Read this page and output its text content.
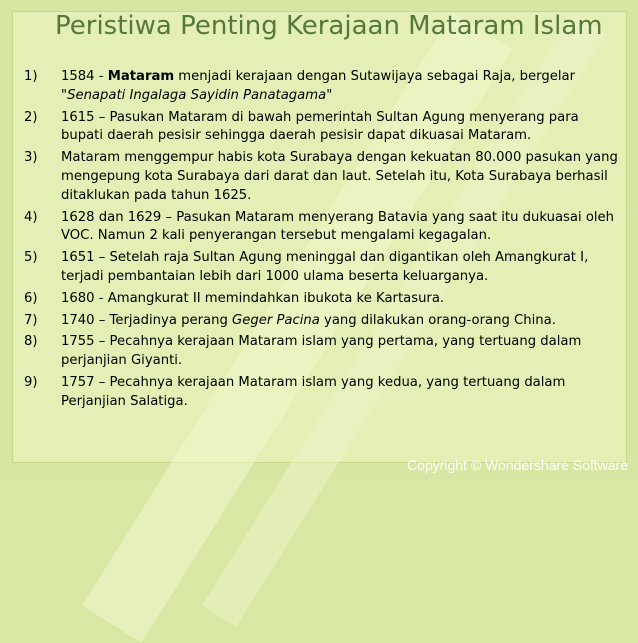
Peristiwa Penting Kerajaan Mataram Islam
1)	1584 - Mataram menjadi kerajaan dengan Sutawijaya sebagai Raja, bergelar "Senapati Ingalaga Sayidin Panatagama"
2)	1615 – Pasukan Mataram di bawah pemerintah Sultan Agung menyerang para bupati daerah pesisir sehingga daerah pesisir dapat dikuasai Mataram.
3)	Mataram menggempur habis kota Surabaya dengan kekuatan 80.000 pasukan yang mengepung kota Surabaya dari darat dan laut. Setelah itu, Kota Surabaya berhasil ditaklukan pada tahun 1625.
4)	1628 dan 1629 – Pasukan Mataram menyerang Batavia yang saat itu dukuasai oleh VOC. Namun 2 kali penyerangan tersebut mengalami kegagalan.
5)	1651 – Setelah raja Sultan Agung meninggal dan digantikan oleh Amangkurat I, terjadi pembantaian lebih dari 1000 ulama beserta keluarganya.
6)	1680 - Amangkurat II memindahkan ibukota ke Kartasura.
7)	1740 – Terjadinya perang Geger Pacina yang dilakukan orang-orang China.
8)	1755 – Pecahnya kerajaan Mataram islam yang pertama, yang tertuang dalam perjanjian Giyanti.
9)	1757 – Pecahnya kerajaan Mataram islam yang kedua, yang tertuang dalam Perjanjian Salatiga.
Copyright © Wondershare Software
